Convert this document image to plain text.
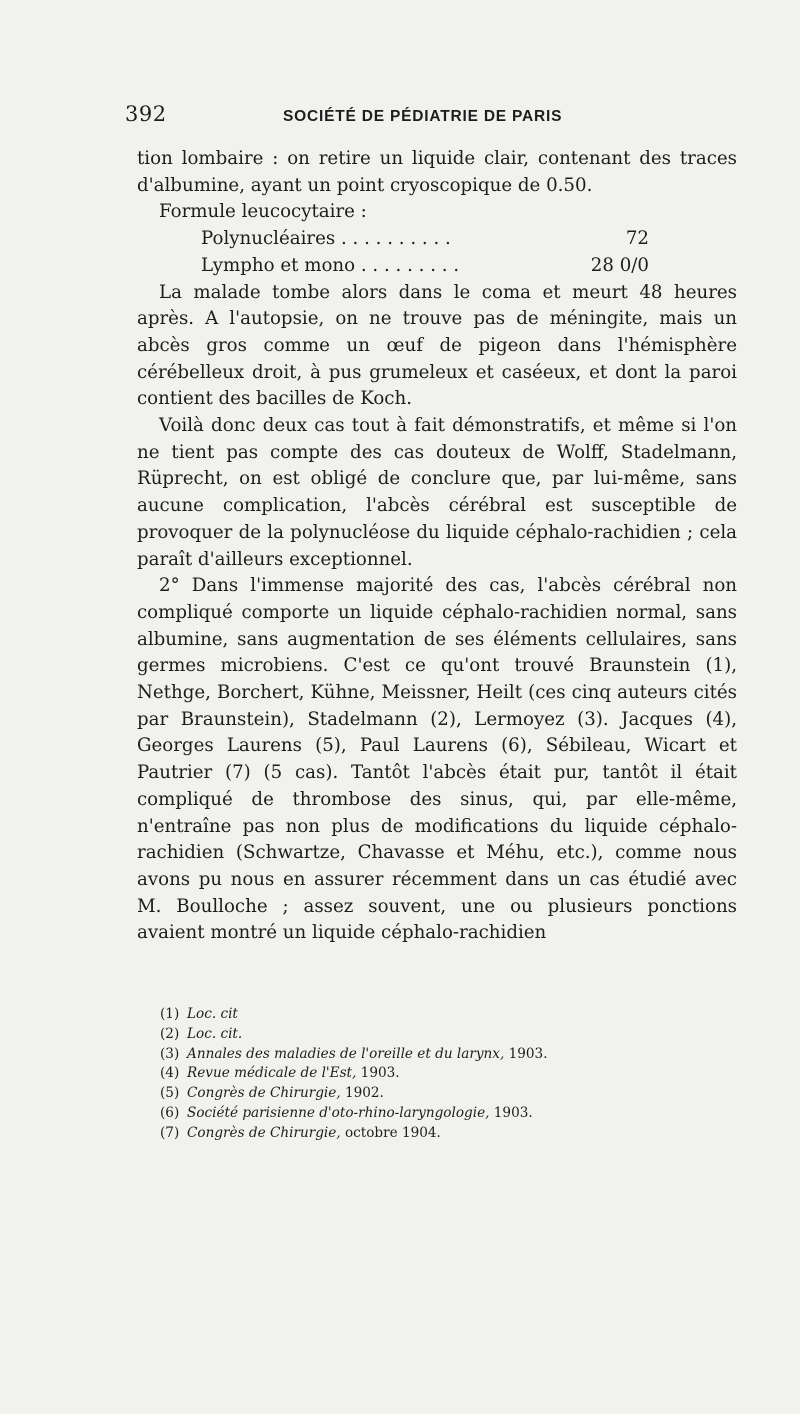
392	SOCIÉTÉ DE PÉDIATRIE DE PARIS

tion lombaire : on retire un liquide clair, contenant des traces d'albumine, ayant un point cryoscopique de 0.50.

Formule leucocytaire :

Polynucléaires . . . . . . . . . .	72
Lympho et mono . . . . . . . . .	28 0/0

La malade tombe alors dans le coma et meurt 48 heures après. A l'autopsie, on ne trouve pas de méningite, mais un abcès gros comme un œuf de pigeon dans l'hémisphère cérébelleux droit, à pus grumeleux et caséeux, et dont la paroi contient des bacilles de Koch.

Voilà donc deux cas tout à fait démonstratifs, et même si l'on ne tient pas compte des cas douteux de Wolff, Stadelmann, Rüprecht, on est obligé de conclure que, par lui-même, sans aucune complication, l'abcès cérébral est susceptible de provoquer de la polynucléose du liquide céphalo-rachidien ; cela paraît d'ailleurs exceptionnel.

2° Dans l'immense majorité des cas, l'abcès cérébral non compliqué comporte un liquide céphalo-rachidien normal, sans albumine, sans augmentation de ses éléments cellulaires, sans germes microbiens. C'est ce qu'ont trouvé Braunstein (1), Nethge, Borchert, Kühne, Meissner, Heilt (ces cinq auteurs cités par Braunstein), Stadelmann (2), Lermoyez (3). Jacques (4), Georges Laurens (5), Paul Laurens (6), Sébileau, Wicart et Pautrier (7) (5 cas). Tantôt l'abcès était pur, tantôt il était compliqué de thrombose des sinus, qui, par elle-même, n'entraîne pas non plus de modifications du liquide céphalo-rachidien (Schwartze, Chavasse et Méhu, etc.), comme nous avons pu nous en assurer récemment dans un cas étudié avec M. Boulloche ; assez souvent, une ou plusieurs ponctions avaient montré un liquide céphalo-rachidien

(1) Loc. cit
(2) Loc. cit.
(3) Annales des maladies de l'oreille et du larynx, 1903.
(4) Revue médicale de l'Est, 1903.
(5) Congrès de Chirurgie, 1902.
(6) Société parisienne d'oto-rhino-laryngologie, 1903.
(7) Congrès de Chirurgie, octobre 1904.
